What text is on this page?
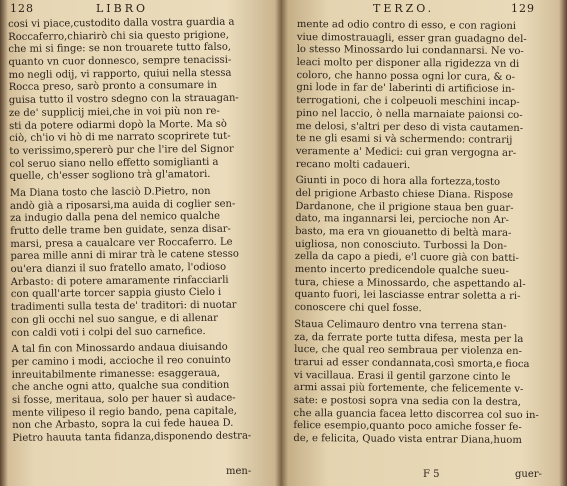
128	LIBRO
cosi vi piace,custodito dalla vostra guardia a
Roccaferro,chiarirò chi sia questo prigione,
che mi si finge: se non trouarete tutto falso,
quanto vn cuor donnesco, sempre tenacissi-
mo negli odij, vi rapporto, quiui nella stessa
Rocca preso, sarò pronto a consumare in
guisa tutto il vostro sdegno con la strauagan-
ze de' supplicij miei,che in voi più non re-
sti da potere odiarmi dopò la Morte. Ma sò
ciò, ch'io vi hò di me narrato scoprirete tut-
to verissimo,spererò pur che l'ire del Signor
col seruo siano nello effetto somiglianti a
quelle, ch'esser sogliono trà gl'amatori.
Ma Diana tosto che lasciò D.Pietro, non
andò già a riposarsi,ma auida di coglier sen-
za indugio dalla pena del nemico qualche
frutto delle trame ben guidate, senza disar-
marsi, presa a caualcare ver Roccaferro. Le
parea mille anni di mirar trà le catene stesso
ou'era dianzi il suo fratello amato, l'odioso
Arbasto: di potere amaramente rinfacciarli
con quall'arte torcer sappia giusto Cielo i
tradimenti sulla testa de' traditori: di nuotar
con gli occhi nel suo sangue, e di allenar
con caldi voti i colpi del suo carnefice.
A tal fin con Minossardo andaua diuisando
per camino i modi, accioche il reo conuinto
inreuitabilmente rimanesse: esaggeraua,
che anche ogni atto, qualche sua condition
si fosse, meritaua, solo per hauer sì audace-
mente vilipeso il regio bando, pena capitale,
non che Arbasto, sopra la cui fede hauea D.
Pietro hauuta tanta fidanza,disponendo destra-
men-
TERZO.	129
mente ad odio contro di esso, e con ragioni
viue dimostrauagli, esser gran guadagno del-
lo stesso Minossardo lui condannarsi. Ne vo-
leaci molto per disponer alla rigidezza vn di
coloro, che hanno possa ogni lor cura, & o-
gni lode in far de' laberinti di artificiose in-
terrogationi, che i colpeuoli meschini incap-
pino nel laccio, ò nella marnaiate paionsi co-
me delosi, s'altri per deso di vista cautamen-
te ne gli esami si và schermendo: contrarij
veramente a' Medici: cui gran vergogna ar-
recano molti cadaueri.
Giunti in poco di hora alla fortezza,tosto
del prigione Arbasto chiese Diana. Rispose
Dardanone, che il prigione staua ben guar-
dato, ma ingannarsi lei, percioche non Ar-
basto, ma era vn giouanetto di beltà mara-
uigliosa, non conosciuto. Turbossi la Don-
zella da capo a piedi, e'l cuore già con batti-
mento incerto predicendole qualche sueu-
tura, chiese a Minossardo, che aspettando al-
quanto fuori, lei lasciasse entrar soletta a ri-
conoscere chi quel fosse.
Staua Celimauro dentro vna terrena stan-
za, da ferrate porte tutta difesa, mesta per la
luce, che qual reo sembraua per violenza en-
trarui ad esser condannata,così smorta,e fioca
vi vacillaua. Erasi il gentil garzone cinto le
armi assai più fortemente, che felicemente v-
sate: e postosi sopra vna sedia con la destra,
che alla guancia facea letto discorrea col suo in-
felice esempio,quanto poco amiche fosser fe-
de, e felicita, Quado vista entrar Diana,huom
F 5	guer-
